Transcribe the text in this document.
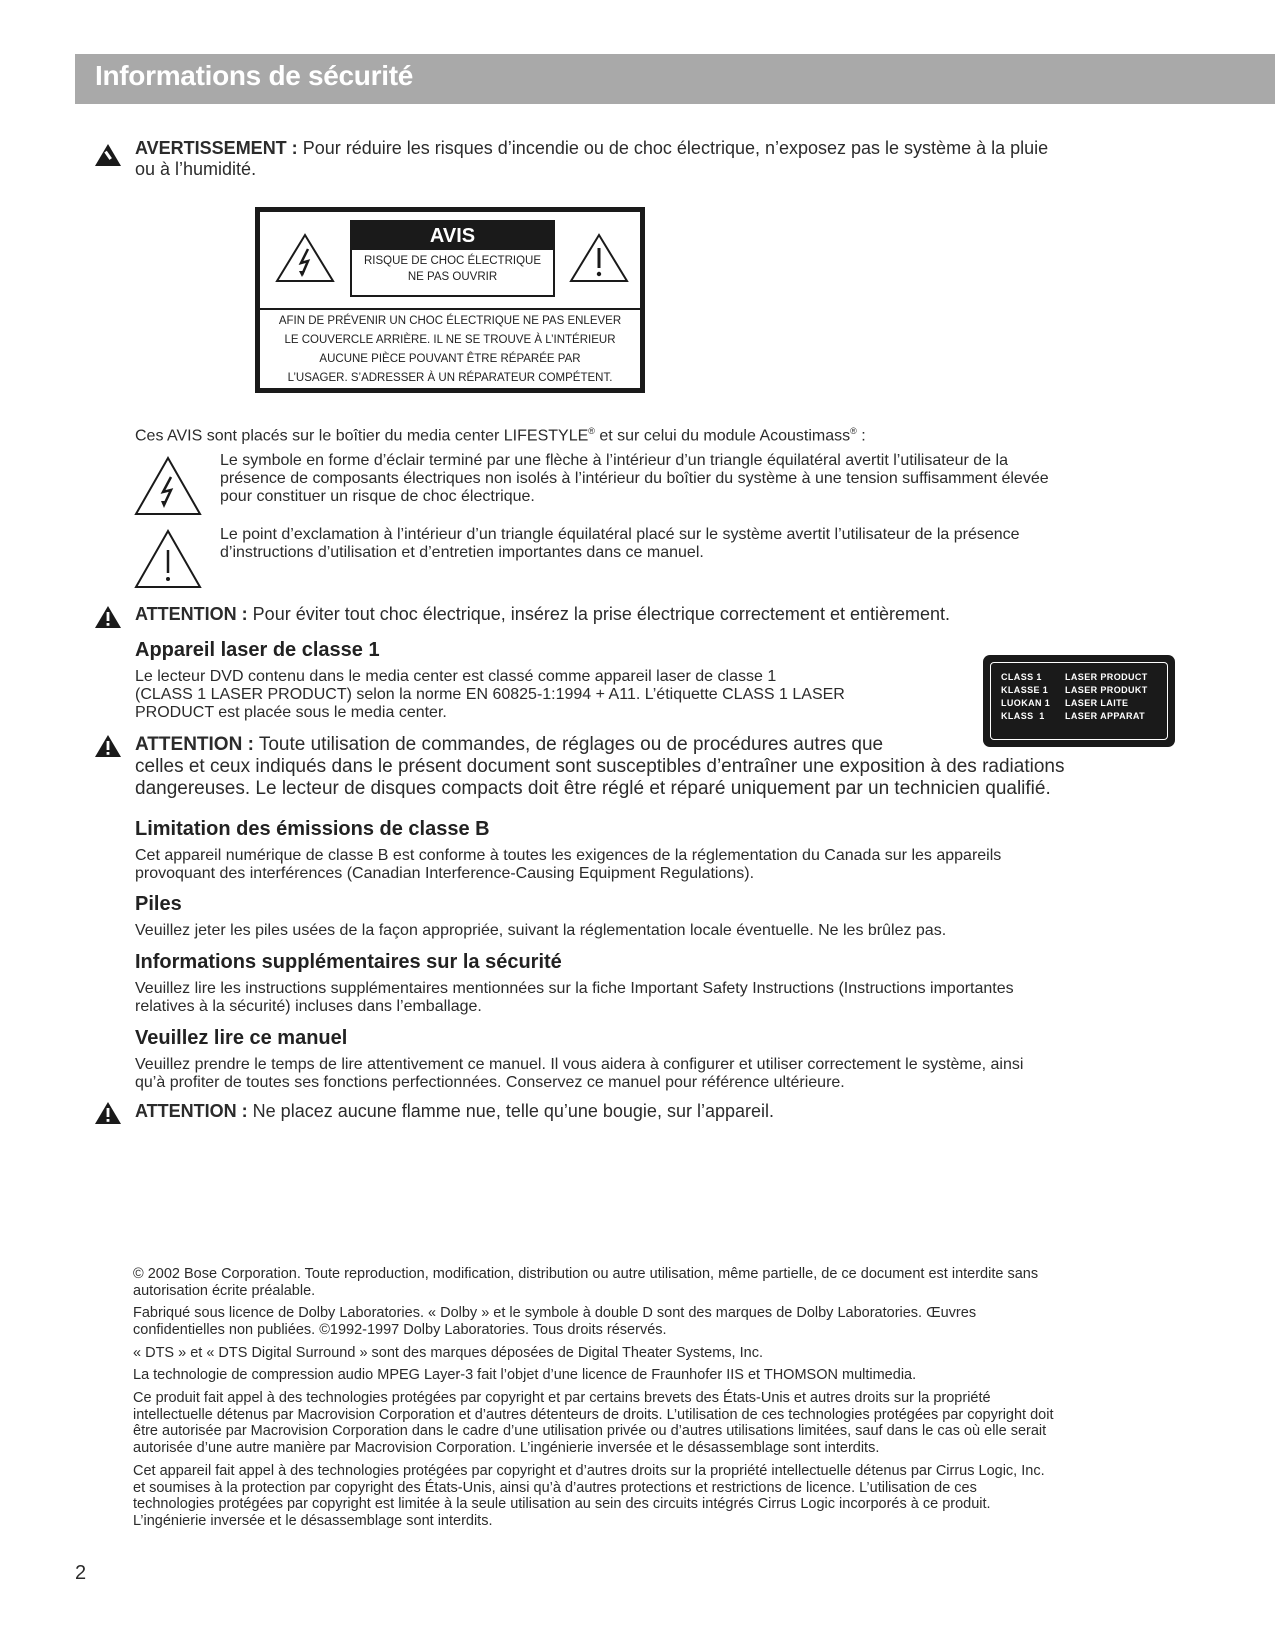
Informations de sécurité

AVERTISSEMENT : Pour réduire les risques d’incendie ou de choc électrique, n’exposez pas le système à la pluie
ou à l’humidité.

AVIS
RISQUE DE CHOC ÉLECTRIQUE
NE PAS OUVRIR
AFIN DE PRÉVENIR UN CHOC ÉLECTRIQUE NE PAS ENLEVER
LE COUVERCLE ARRIÈRE. IL NE SE TROUVE À L’INTÉRIEUR
AUCUNE PIÈCE POUVANT ÊTRE RÉPARÉE PAR
L’USAGER. S’ADRESSER À UN RÉPARATEUR COMPÉTENT.

Ces AVIS sont placés sur le boîtier du media center LIFESTYLE® et sur celui du module Acoustimass® :

Le symbole en forme d’éclair terminé par une flèche à l’intérieur d’un triangle équilatéral avertit l’utilisateur de la
présence de composants électriques non isolés à l’intérieur du boîtier du système à une tension suffisamment élevée
pour constituer un risque de choc électrique.

Le point d’exclamation à l’intérieur d’un triangle équilatéral placé sur le système avertit l’utilisateur de la présence
d’instructions d’utilisation et d’entretien importantes dans ce manuel.

ATTENTION : Pour éviter tout choc électrique, insérez la prise électrique correctement et entièrement.

Appareil laser de classe 1

Le lecteur DVD contenu dans le media center est classé comme appareil laser de classe 1
(CLASS 1 LASER PRODUCT) selon la norme EN 60825-1:1994 + A11. L’étiquette CLASS 1 LASER
PRODUCT est placée sous le media center.

CLASS 1	LASER PRODUCT
KLASSE 1 LASER PRODUKT
LUOKAN 1 LASER LAITE
KLASS  1 LASER APPARAT

ATTENTION : Toute utilisation de commandes, de réglages ou de procédures autres que
celles et ceux indiqués dans le présent document sont susceptibles d’entraîner une exposition à des radiations
dangereuses. Le lecteur de disques compacts doit être réglé et réparé uniquement par un technicien qualifié.

Limitation des émissions de classe B

Cet appareil numérique de classe B est conforme à toutes les exigences de la réglementation du Canada sur les appareils
provoquant des interférences (Canadian Interference-Causing Equipment Regulations).

Piles

Veuillez jeter les piles usées de la façon appropriée, suivant la réglementation locale éventuelle. Ne les brûlez pas.

Informations supplémentaires sur la sécurité

Veuillez lire les instructions supplémentaires mentionnées sur la fiche Important Safety Instructions (Instructions importantes
relatives à la sécurité) incluses dans l’emballage.

Veuillez lire ce manuel

Veuillez prendre le temps de lire attentivement ce manuel. Il vous aidera à configurer et utiliser correctement le système, ainsi
qu’à profiter de toutes ses fonctions perfectionnées. Conservez ce manuel pour référence ultérieure.

ATTENTION : Ne placez aucune flamme nue, telle qu’une bougie, sur l’appareil.

© 2002 Bose Corporation. Toute reproduction, modification, distribution ou autre utilisation, même partielle, de ce document est interdite sans
autorisation écrite préalable.

Fabriqué sous licence de Dolby Laboratories. « Dolby » et le symbole à double D sont des marques de Dolby Laboratories. Œuvres
confidentielles non publiées. ©1992-1997 Dolby Laboratories. Tous droits réservés.

« DTS » et « DTS Digital Surround » sont des marques déposées de Digital Theater Systems, Inc.

La technologie de compression audio MPEG Layer-3 fait l’objet d’une licence de Fraunhofer IIS et THOMSON multimedia.

Ce produit fait appel à des technologies protégées par copyright et par certains brevets des États-Unis et autres droits sur la propriété
intellectuelle détenus par Macrovision Corporation et d’autres détenteurs de droits. L’utilisation de ces technologies protégées par copyright doit
être autorisée par Macrovision Corporation dans le cadre d’une utilisation privée ou d’autres utilisations limitées, sauf dans le cas où elle serait
autorisée d’une autre manière par Macrovision Corporation. L’ingénierie inversée et le désassemblage sont interdits.

Cet appareil fait appel à des technologies protégées par copyright et d’autres droits sur la propriété intellectuelle détenus par Cirrus Logic, Inc.
et soumises à la protection par copyright des États-Unis, ainsi qu’à d’autres protections et restrictions de licence. L’utilisation de ces
technologies protégées par copyright est limitée à la seule utilisation au sein des circuits intégrés Cirrus Logic incorporés à ce produit.
L’ingénierie inversée et le désassemblage sont interdits.

2
